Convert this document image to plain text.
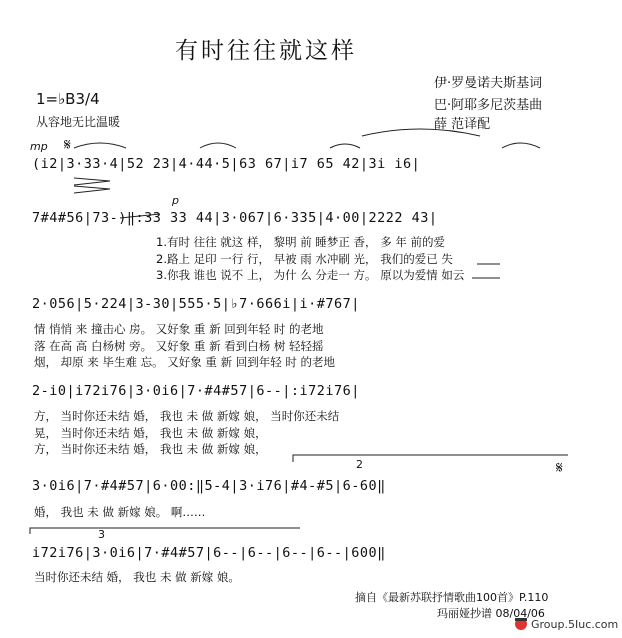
有时往往就这样
伊·罗曼诺夫斯基词
巴·阿耶多尼茨基曲
薛 范译配
1=♭B3/4
从容地无比温暖
mp 𝄋
(i2|3·33·4|52 23|4·44·5|63 67|i7 65 42|3i i6|
p
7#4#56|73-)‖:33 33 44|3·067|6·335|4·00|2222 43|
1.有时 往往 就这 样， 黎明 前 睡梦正 香， 多 年 前的爱
2.路上 足印 一行 行， 早被 雨 水冲刷 光， 我们的爱已 失
3.你我 谁也 说不 上， 为什 么 分走一 方。 原以为爱情 如云
2·056|5·224|3-30|555·5|♭7·666i|i·#767|
情 悄悄 来 撞击心 房。 又好象 重 新 回到年轻 时 的老地
落 在高 高 白杨树 旁。 又好象 重 新 看到白杨 树 轻轻摇
烟， 却原 来 毕生难 忘。 又好象 重 新 回到年轻 时 的老地
2-i0|i72i76|3·0i6|7·#4#57|6--|:i72i76|
方， 当时你还未结 婚， 我也 未 做 新嫁 娘， 当时你还未结
晃， 当时你还未结 婚， 我也 未 做 新嫁 娘，
方， 当时你还未结 婚， 我也 未 做 新嫁 娘，
2	𝄋
3·0i6|7·#4#57|6·00:‖5-4|3·i76|#4-#5|6-60‖
婚， 我也 未 做 新嫁 娘。 啊……
3
i72i76|3·0i6|7·#4#57|6--|6--|6--|6--|600‖
当时你还未结 婚， 我也 未 做 新嫁 娘。
摘自《最新苏联抒情歌曲100首》P.110
玛丽娅抄谱 08/04/06
Group.5Iuc.com
